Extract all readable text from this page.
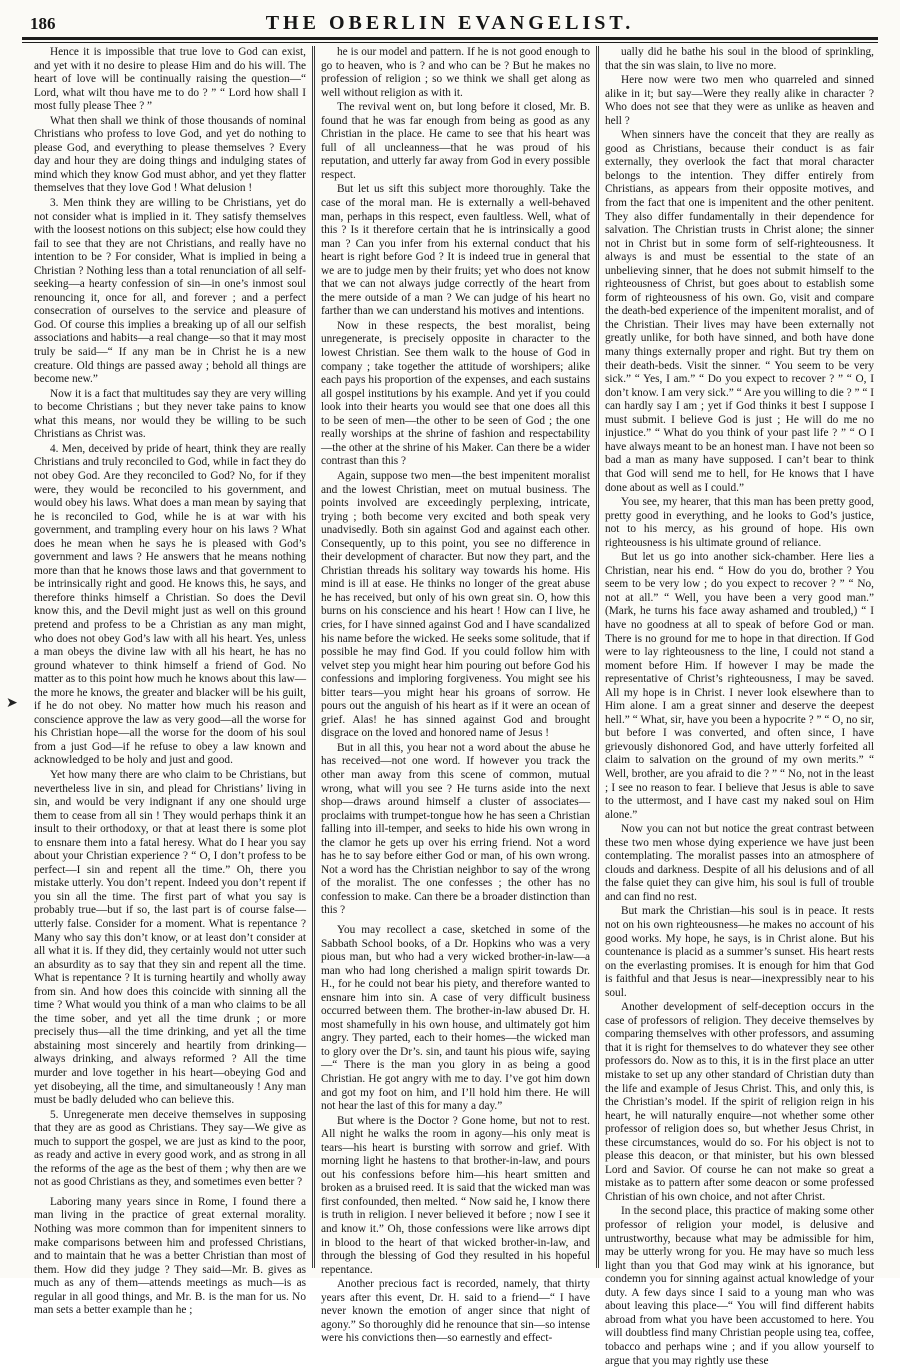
186	THE OBERLIN EVANGELIST.
➤

Hence it is impossible that true love to God can exist, and yet with it no desire to please Him and do his will. The heart of love will be continually raising the question—“ Lord, what wilt thou have me to do ? ” “ Lord how shall I most fully please Thee ? ”

What then shall we think of those thousands of nominal Christians who profess to love God, and yet do nothing to please God, and everything to please themselves ? Every day and hour they are doing things and indulging states of mind which they know God must abhor, and yet they flatter themselves that they love God ! What delusion !

3. Men think they are willing to be Christians, yet do not consider what is implied in it. They satisfy themselves with the loosest notions on this subject; else how could they fail to see that they are not Christians, and really have no intention to be ? For consider, What is implied in being a Christian ? Nothing less than a total renunciation of all self-seeking—a hearty confession of sin—in one’s inmost soul renouncing it, once for all, and forever ; and a perfect consecration of ourselves to the service and pleasure of God. Of course this implies a breaking up of all our selfish associations and habits—a real change—so that it may most truly be said—“ If any man be in Christ he is a new creature. Old things are passed away ; behold all things are become new.”

Now it is a fact that multitudes say they are very willing to become Christians ; but they never take pains to know what this means, nor would they be willing to be such Christians as Christ was.

4. Men, deceived by pride of heart, think they are really Christians and truly reconciled to God, while in fact they do not obey God. Are they reconciled to God? No, for if they were, they would be reconciled to his government, and would obey his laws. What does a man mean by saying that he is reconciled to God, while he is at war with his government, and trampling every hour on his laws ? What does he mean when he says he is pleased with God’s government and laws ? He answers that he means nothing more than that he knows those laws and that government to be intrinsically right and good. He knows this, he says, and therefore thinks himself a Christian. So does the Devil know this, and the Devil might just as well on this ground pretend and profess to be a Christian as any man might, who does not obey God’s law with all his heart. Yes, unless a man obeys the divine law with all his heart, he has no ground whatever to think himself a friend of God. No matter as to this point how much he knows about this law—the more he knows, the greater and blacker will be his guilt, if he do not obey. No matter how much his reason and conscience approve the law as very good—all the worse for his Christian hope—all the worse for the doom of his soul from a just God—if he refuse to obey a law known and acknowledged to be holy and just and good.

Yet how many there are who claim to be Christians, but nevertheless live in sin, and plead for Christians’ living in sin, and would be very indignant if any one should urge them to cease from all sin ! They would perhaps think it an insult to their orthodoxy, or that at least there is some plot to ensnare them into a fatal heresy. What do I hear you say about your Christian experience ? “ O, I don’t profess to be perfect—I sin and repent all the time.” Oh, there you mistake utterly. You don’t repent. Indeed you don’t repent if you sin all the time. The first part of what you say is probably true—but if so, the last part is of course false—utterly false. Consider for a moment. What is repentance ? Many who say this don’t know, or at least don’t consider at all what it is. If they did, they certainly would not utter such an absurdity as to say that they sin and repent all the time. What is repentance ? It is turning heartily and wholly away from sin. And how does this coincide with sinning all the time ? What would you think of a man who claims to be all the time sober, and yet all the time drunk ; or more precisely thus—all the time drinking, and yet all the time abstaining most sincerely and heartily from drinking—always drinking, and always reformed ? All the time murder and love together in his heart—obeying God and yet disobeying, all the time, and simultaneously ! Any man must be badly deluded who can believe this.

5. Unregenerate men deceive themselves in supposing that they are as good as Christians. They say—We give as much to support the gospel, we are just as kind to the poor, as ready and active in every good work, and as strong in all the reforms of the age as the best of them ; why then are we not as good Christians as they, and sometimes even better ?

Laboring many years since in Rome, I found there a man living in the practice of great external morality. Nothing was more common than for impenitent sinners to make comparisons between him and professed Christians, and to maintain that he was a better Christian than most of them. How did they judge ? They said—Mr. B. gives as much as any of them—attends meetings as much—is as regular in all good things, and Mr. B. is the man for us. No man sets a better example than he ;

he is our model and pattern. If he is not good enough to go to heaven, who is ? and who can be ? But he makes no profession of religion ; so we think we shall get along as well without religion as with it.

The revival went on, but long before it closed, Mr. B. found that he was far enough from being as good as any Christian in the place. He came to see that his heart was full of all uncleanness—that he was proud of his reputation, and utterly far away from God in every possible respect.

But let us sift this subject more thoroughly. Take the case of the moral man. He is externally a well-behaved man, perhaps in this respect, even faultless. Well, what of this ? Is it therefore certain that he is intrinsically a good man ? Can you infer from his external conduct that his heart is right before God ? It is indeed true in general that we are to judge men by their fruits; yet who does not know that we can not always judge correctly of the heart from the mere outside of a man ? We can judge of his heart no farther than we can understand his motives and intentions.

Now in these respects, the best moralist, being unregenerate, is precisely opposite in character to the lowest Christian. See them walk to the house of God in company ; take together the attitude of worshipers; alike each pays his proportion of the expenses, and each sustains all gospel institutions by his example. And yet if you could look into their hearts you would see that one does all this to be seen of men—the other to be seen of God ; the one really worships at the shrine of fashion and respectability—the other at the shrine of his Maker. Can there be a wider contrast than this ?

Again, suppose two men—the best impenitent moralist and the lowest Christian, meet on mutual business. The points involved are exceedingly perplexing, intricate, trying ; both become very excited and both speak very unadvisedly. Both sin against God and against each other. Consequently, up to this point, you see no difference in their development of character. But now they part, and the Christian threads his solitary way towards his home. His mind is ill at ease. He thinks no longer of the great abuse he has received, but only of his own great sin. O, how this burns on his conscience and his heart ! How can I live, he cries, for I have sinned against God and I have scandalized his name before the wicked. He seeks some solitude, that if possible he may find God. If you could follow him with velvet step you might hear him pouring out before God his confessions and imploring forgiveness. You might see his bitter tears—you might hear his groans of sorrow. He pours out the anguish of his heart as if it were an ocean of grief. Alas! he has sinned against God and brought disgrace on the loved and honored name of Jesus !

But in all this, you hear not a word about the abuse he has received—not one word. If however you track the other man away from this scene of common, mutual wrong, what will you see ? He turns aside into the next shop—draws around himself a cluster of associates—proclaims with trumpet-tongue how he has seen a Christian falling into ill-temper, and seeks to hide his own wrong in the clamor he gets up over his erring friend. Not a word has he to say before either God or man, of his own wrong. Not a word has the Christian neighbor to say of the wrong of the moralist. The one confesses ; the other has no confession to make. Can there be a broader distinction than this ?

You may recollect a case, sketched in some of the Sabbath School books, of a Dr. Hopkins who was a very pious man, but who had a very wicked brother-in-law—a man who had long cherished a malign spirit towards Dr. H., for he could not bear his piety, and therefore wanted to ensnare him into sin. A case of very difficult business occurred between them. The brother-in-law abused Dr. H. most shamefully in his own house, and ultimately got him angry. They parted, each to their homes—the wicked man to glory over the Dr’s. sin, and taunt his pious wife, saying—“ There is the man you glory in as being a good Christian. He got angry with me to day. I’ve got him down and got my foot on him, and I’ll hold him there. He will not hear the last of this for many a day.”

But where is the Doctor ? Gone home, but not to rest. All night he walks the room in agony—his only meat is tears—his heart is bursting with sorrow and grief. With morning light he hastens to that brother-in-law, and pours out his confessions before him—his heart smitten and broken as a bruised reed. It is said that the wicked man was first confounded, then melted. “ Now said he, I know there is truth in religion. I never believed it before ; now I see it and know it.” Oh, those confessions were like arrows dipt in blood to the heart of that wicked brother-in-law, and through the blessing of God they resulted in his hopeful repentance.

Another precious fact is recorded, namely, that thirty years after this event, Dr. H. said to a friend—“ I have never known the emotion of anger since that night of agony.” So thoroughly did he renounce that sin—so intense were his convictions then—so earnestly and effect-

ually did he bathe his soul in the blood of sprinkling, that the sin was slain, to live no more.

Here now were two men who quarreled and sinned alike in it; but say—Were they really alike in character ? Who does not see that they were as unlike as heaven and hell ?

When sinners have the conceit that they are really as good as Christians, because their conduct is as fair externally, they overlook the fact that moral character belongs to the intention. They differ entirely from Christians, as appears from their opposite motives, and from the fact that one is impenitent and the other penitent. They also differ fundamentally in their dependence for salvation. The Christian trusts in Christ alone; the sinner not in Christ but in some form of self-righteousness. It always is and must be essential to the state of an unbelieving sinner, that he does not submit himself to the righteousness of Christ, but goes about to establish some form of righteousness of his own. Go, visit and compare the death-bed experience of the impenitent moralist, and of the Christian. Their lives may have been externally not greatly unlike, for both have sinned, and both have done many things externally proper and right. But try them on their death-beds. Visit the sinner. “ You seem to be very sick.” “ Yes, I am.” “ Do you expect to recover ? ” “ O, I don’t know. I am very sick.” “ Are you willing to die ? ” “ I can hardly say I am ; yet if God thinks it best I suppose I must submit. I believe God is just ; He will do me no injustice.” “ What do you think of your past life ? ” “ O I have always meant to be an honest man. I have not been so bad a man as many have supposed. I can’t bear to think that God will send me to hell, for He knows that I have done about as well as I could.”

You see, my hearer, that this man has been pretty good, pretty good in everything, and he looks to God’s justice, not to his mercy, as his ground of hope. His own righteousness is his ultimate ground of reliance.

But let us go into another sick-chamber. Here lies a Christian, near his end. “ How do you do, brother ? You seem to be very low ; do you expect to recover ? ” “ No, not at all.” “ Well, you have been a very good man.” (Mark, he turns his face away ashamed and troubled,) “ I have no goodness at all to speak of before God or man. There is no ground for me to hope in that direction. If God were to lay righteousness to the line, I could not stand a moment before Him. If however I may be made the representative of Christ’s righteousness, I may be saved. All my hope is in Christ. I never look elsewhere than to Him alone. I am a great sinner and deserve the deepest hell.” “ What, sir, have you been a hypocrite ? ” “ O, no sir, but before I was converted, and often since, I have grievously dishonored God, and have utterly forfeited all claim to salvation on the ground of my own merits.” “ Well, brother, are you afraid to die ? ” “ No, not in the least ; I see no reason to fear. I believe that Jesus is able to save to the uttermost, and I have cast my naked soul on Him alone.”

Now you can not but notice the great contrast between these two men whose dying experience we have just been contemplating. The moralist passes into an atmosphere of clouds and darkness. Despite of all his delusions and of all the false quiet they can give him, his soul is full of trouble and can find no rest.

But mark the Christian—his soul is in peace. It rests not on his own righteousness—he makes no account of his good works. My hope, he says, is in Christ alone. But his countenance is placid as a summer’s sunset. His heart rests on the everlasting promises. It is enough for him that God is faithful and that Jesus is near—inexpressibly near to his soul.

Another development of self-deception occurs in the case of professors of religion. They deceive themselves by comparing themselves with other professors, and assuming that it is right for themselves to do whatever they see other professors do. Now as to this, it is in the first place an utter mistake to set up any other standard of Christian duty than the life and example of Jesus Christ. This, and only this, is the Christian’s model. If the spirit of religion reign in his heart, he will naturally enquire—not whether some other professor of religion does so, but whether Jesus Christ, in these circumstances, would do so. For his object is not to please this deacon, or that minister, but his own blessed Lord and Savior. Of course he can not make so great a mistake as to pattern after some deacon or some professed Christian of his own choice, and not after Christ.

In the second place, this practice of making some other professor of religion your model, is delusive and untrustworthy, because what may be admissible for him, may be utterly wrong for you. He may have so much less light than you that God may wink at his ignorance, but condemn you for sinning against actual knowledge of your duty. A few days since I said to a young man who was about leaving this place—“ You will find different habits abroad from what you have been accustomed to here. You will doubtless find many Christian people using tea, coffee, tobacco and perhaps wine ; and if you allow yourself to argue that you may rightly use these
